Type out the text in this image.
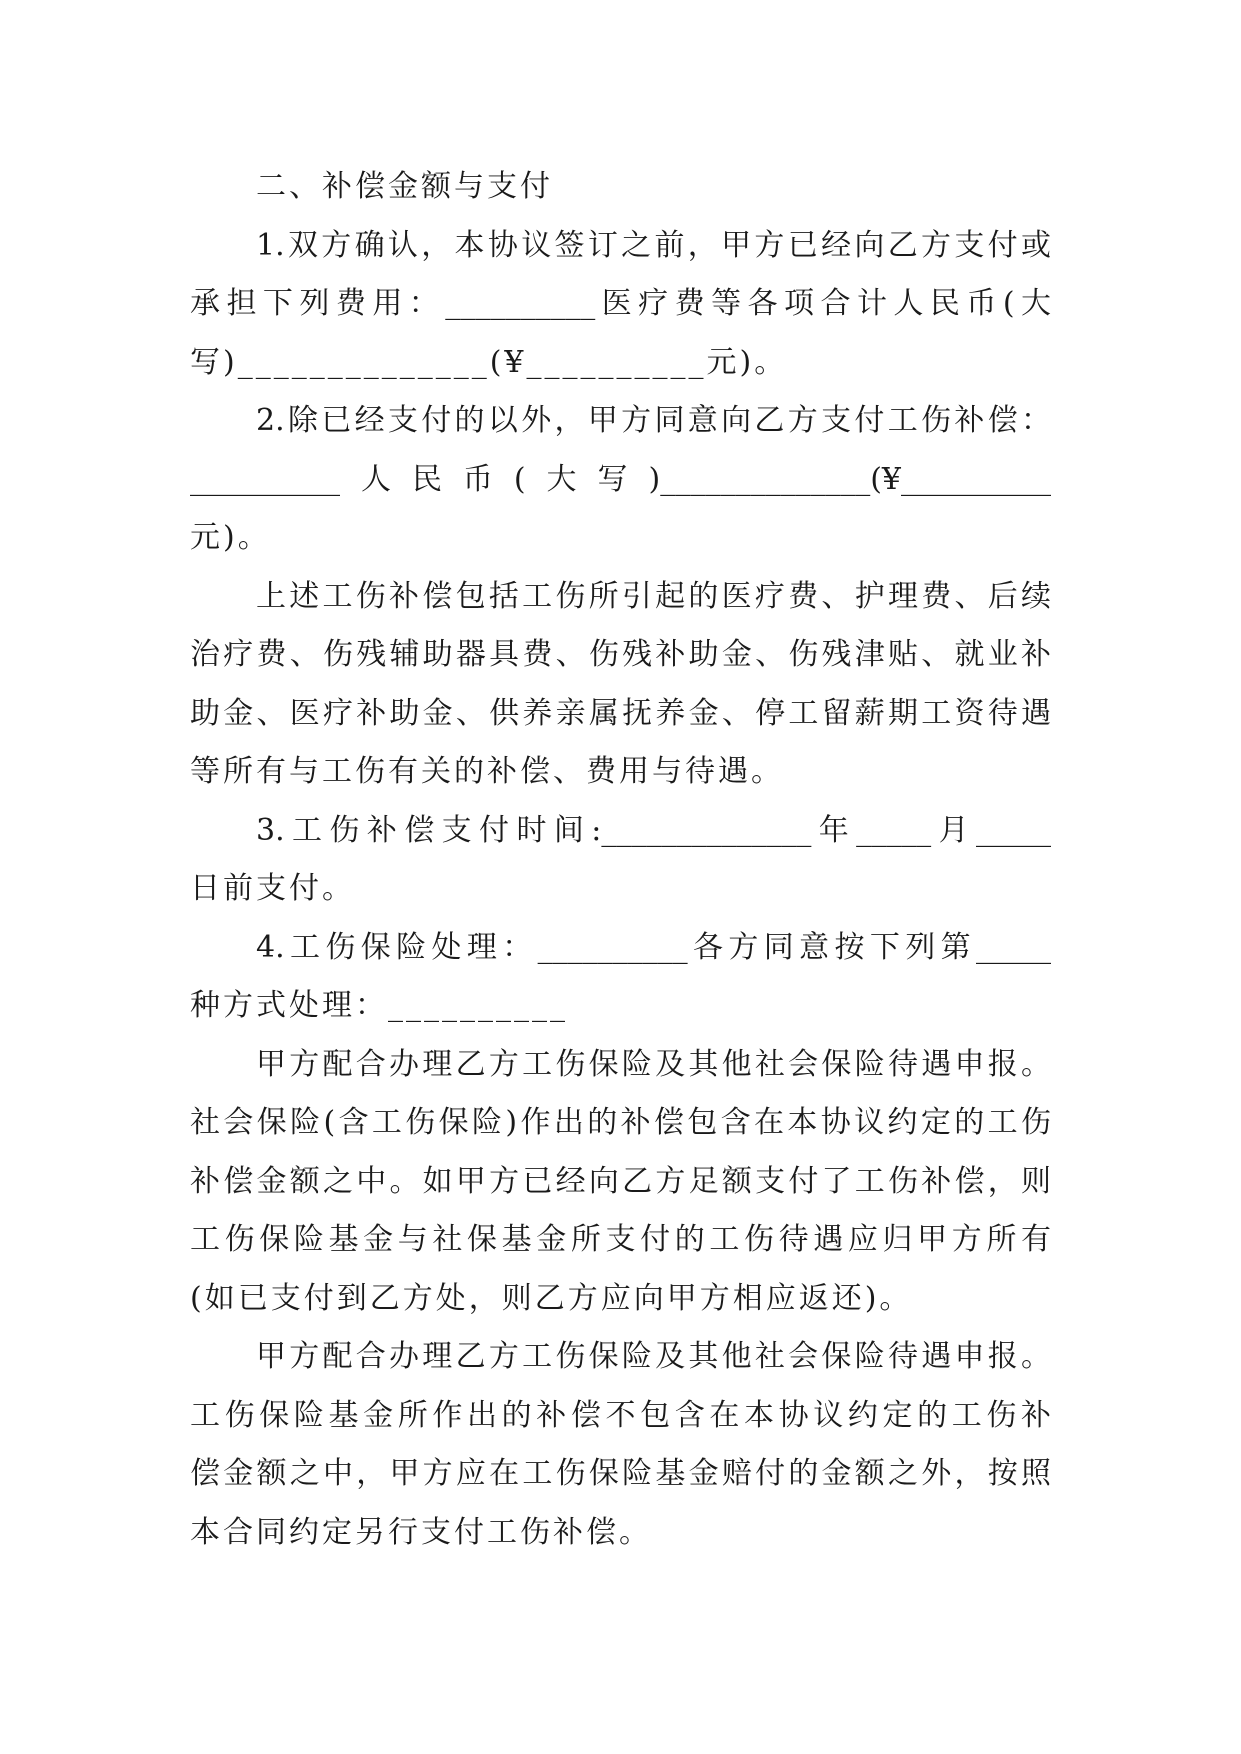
二、补偿金额与支付
1.双方确认，本协议签订之前，甲方已经向乙方支付或
承担下列费用：__________医疗费等各项合计人民币(大
写)______________(¥__________元)。
2.除已经支付的以外，甲方同意向乙方支付工伤补偿：
__________人民币(大写)______________(¥__________
元)。
上述工伤补偿包括工伤所引起的医疗费、护理费、后续
治疗费、伤残辅助器具费、伤残补助金、伤残津贴、就业补
助金、医疗补助金、供养亲属抚养金、停工留薪期工资待遇
等所有与工伤有关的补偿、费用与待遇。
3.工伤补偿支付时间:______________年_____月_____
日前支付。
4.工伤保险处理：__________各方同意按下列第_____
种方式处理：__________
甲方配合办理乙方工伤保险及其他社会保险待遇申报。
社会保险(含工伤保险)作出的补偿包含在本协议约定的工伤
补偿金额之中。如甲方已经向乙方足额支付了工伤补偿，则
工伤保险基金与社保基金所支付的工伤待遇应归甲方所有
(如已支付到乙方处，则乙方应向甲方相应返还)。
甲方配合办理乙方工伤保险及其他社会保险待遇申报。
工伤保险基金所作出的补偿不包含在本协议约定的工伤补
偿金额之中，甲方应在工伤保险基金赔付的金额之外，按照
本合同约定另行支付工伤补偿。
